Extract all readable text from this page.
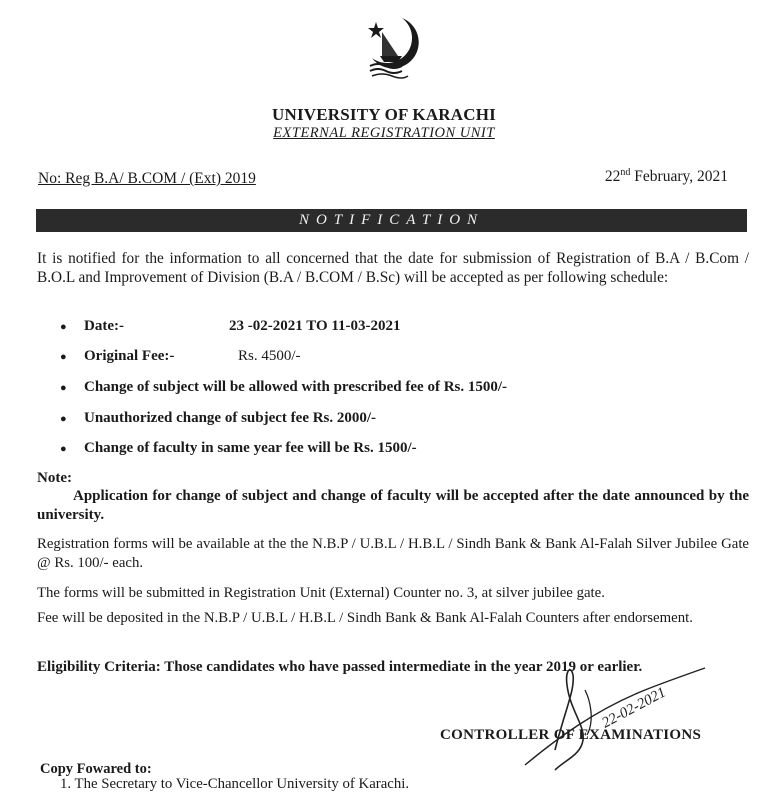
UNIVERSITY OF KARACHI
EXTERNAL REGISTRATION UNIT
No: Reg B.A/ B.COM / (Ext) 2019	22nd February, 2021
NOTIFICATION
It is notified for the information to all concerned that the date for submission of Registration of B.A / B.Com / B.O.L and Improvement of Division (B.A / B.COM / B.Sc) will be accepted as per following schedule:
● Date:-	23 -02-2021 TO 11-03-2021
● Original Fee:-	Rs. 4500/-
● Change of subject will be allowed with prescribed fee of Rs. 1500/-
● Unauthorized change of subject fee Rs. 2000/-
● Change of faculty in same year fee will be Rs. 1500/-
Note:
Application for change of subject and change of faculty will be accepted after the date announced by the university.
Registration forms will be available at the the N.B.P / U.B.L / H.B.L / Sindh Bank & Bank Al-Falah Silver Jubilee Gate @ Rs. 100/- each.
The forms will be submitted in Registration Unit (External) Counter no. 3, at silver jubilee gate.
Fee will be deposited in the N.B.P / U.B.L / H.B.L / Sindh Bank & Bank Al-Falah Counters after endorsement.
Eligibility Criteria: Those candidates who have passed intermediate in the year 2019 or earlier.
CONTROLLER OF EXAMINATIONS
22-02-2021
Copy Fowared to:
1. The Secretary to Vice-Chancellor University of Karachi.
